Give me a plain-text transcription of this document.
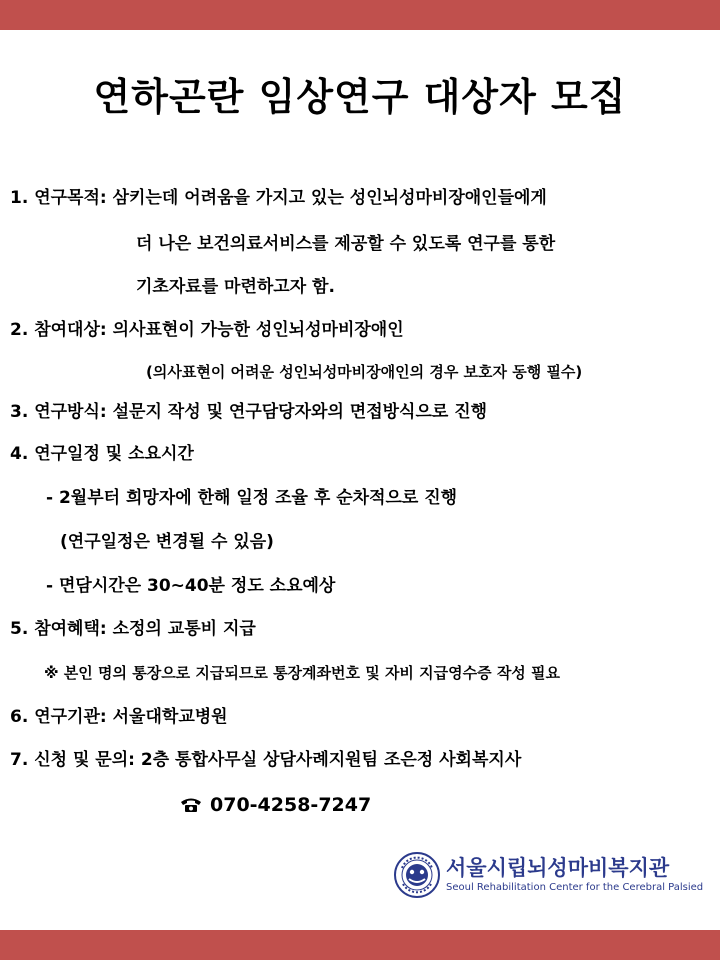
연하곤란 임상연구 대상자 모집
1. 연구목적: 삼키는데 어려움을 가지고 있는 성인뇌성마비장애인들에게
더 나은 보건의료서비스를 제공할 수 있도록 연구를 통한
기초자료를 마련하고자 함.
2. 참여대상: 의사표현이 가능한 성인뇌성마비장애인
(의사표현이 어려운 성인뇌성마비장애인의 경우 보호자 동행 필수)
3. 연구방식: 설문지 작성 및 연구담당자와의 면접방식으로 진행
4. 연구일정 및 소요시간
- 2월부터 희망자에 한해 일정 조율 후 순차적으로 진행
(연구일정은 변경될 수 있음)
- 면담시간은 30~40분 정도 소요예상
5. 참여혜택: 소정의 교통비 지급
※ 본인 명의 통장으로 지급되므로 통장계좌번호 및 자비 지급영수증 작성 필요
6. 연구기관: 서울대학교병원
7. 신청 및 문의: 2층 통합사무실 상담사례지원팀 조은정 사회복지사
070-4258-7247
서울시립뇌성마비복지관
Seoul Rehabilitation Center for the Cerebral Palsied
